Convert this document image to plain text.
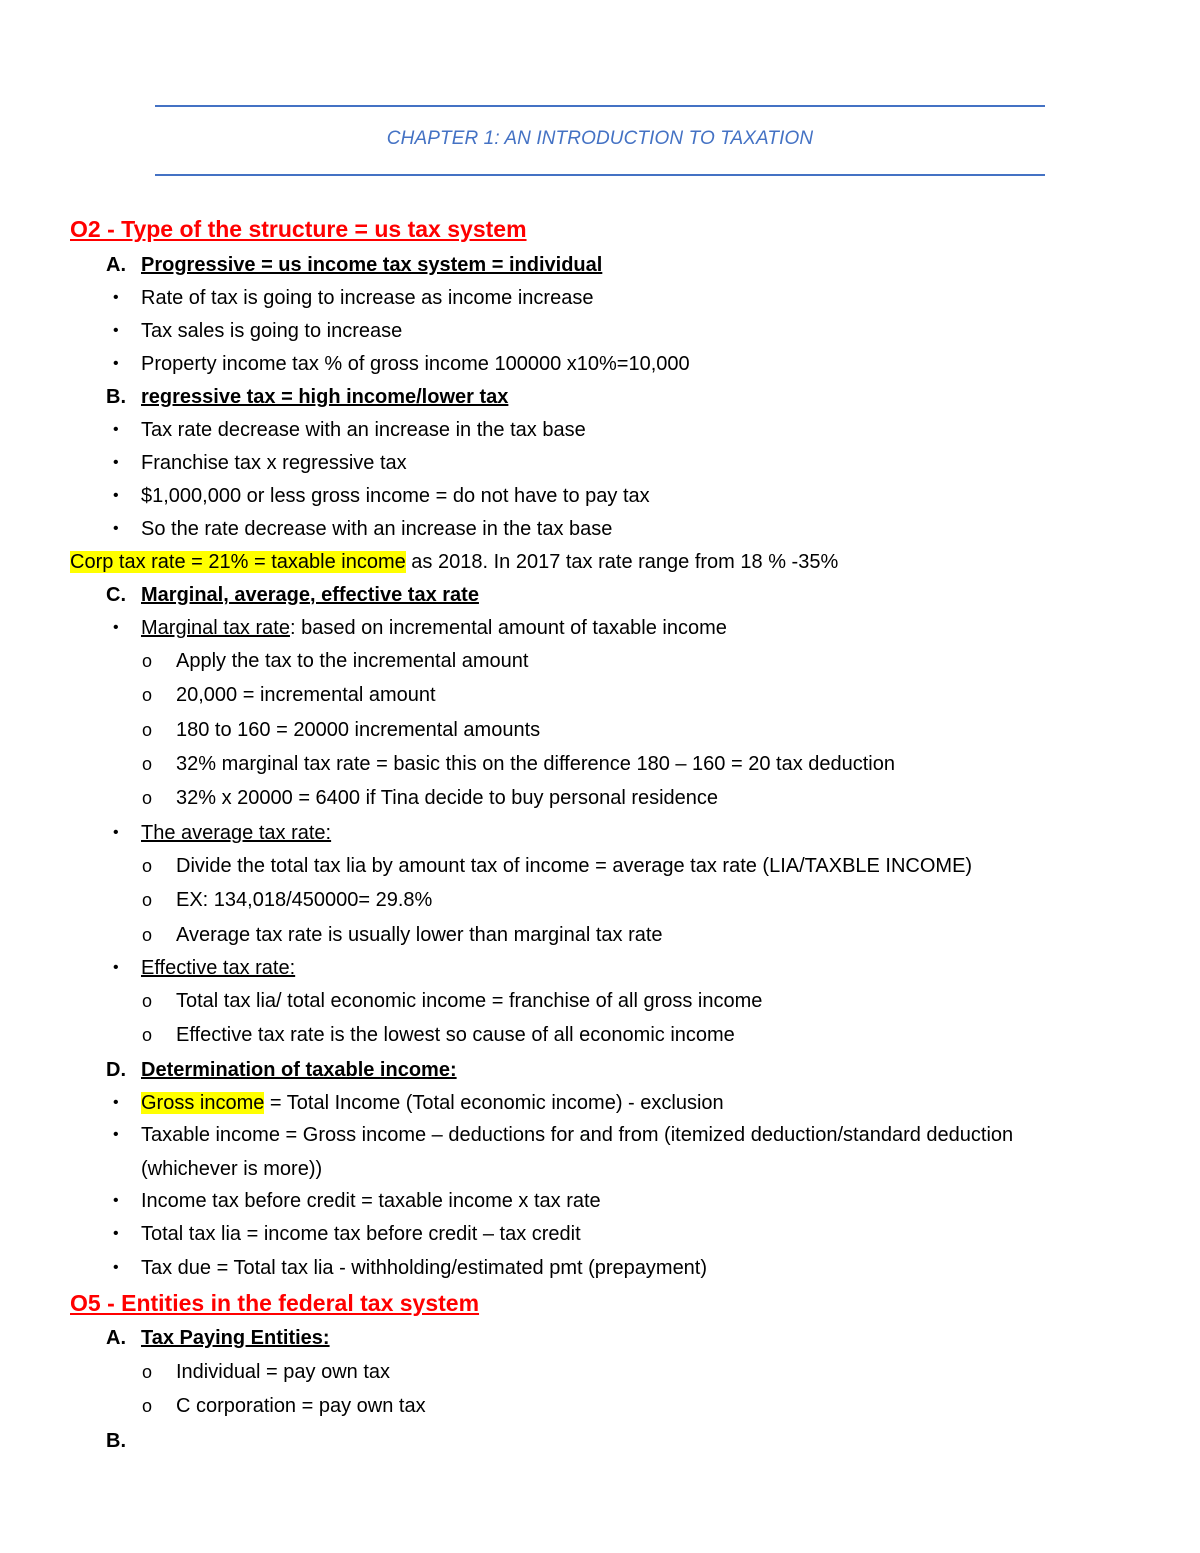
CHAPTER 1: AN INTRODUCTION TO TAXATION
O2 - Type of the structure = us tax system
A. Progressive = us income tax system = individual
• Rate of tax is going to increase as income increase
• Tax sales is going to increase
• Property income tax % of gross income 100000 x10%=10,000
B. regressive tax = high income/lower tax
• Tax rate decrease with an increase in the tax base
• Franchise tax x regressive tax
• $1,000,000 or less gross income = do not have to pay tax
• So the rate decrease with an increase in the tax base
Corp tax rate = 21% = taxable income as 2018. In 2017 tax rate range from 18 % -35%
C. Marginal, average, effective tax rate
• Marginal tax rate: based on incremental amount of taxable income
o Apply the tax to the incremental amount
o 20,000 = incremental amount
o 180 to 160 = 20000 incremental amounts
o 32% marginal tax rate = basic this on the difference 180 – 160 = 20 tax deduction
o 32% x 20000 = 6400 if Tina decide to buy personal residence
• The average tax rate:
o Divide the total tax lia by amount tax of income = average tax rate (LIA/TAXBLE INCOME)
o EX: 134,018/450000= 29.8%
o Average tax rate is usually lower than marginal tax rate
• Effective tax rate:
o Total tax lia/ total economic income = franchise of all gross income
o Effective tax rate is the lowest so cause of all economic income
D. Determination of taxable income:
• Gross income = Total Income (Total economic income) - exclusion
• Taxable income = Gross income – deductions for and from (itemized deduction/standard deduction
(whichever is more))
• Income tax before credit = taxable income x tax rate
• Total tax lia = income tax before credit – tax credit
• Tax due = Total tax lia - withholding/estimated pmt (prepayment)
O5 - Entities in the federal tax system
A. Tax Paying Entities:
o Individual = pay own tax
o C corporation = pay own tax
B.
